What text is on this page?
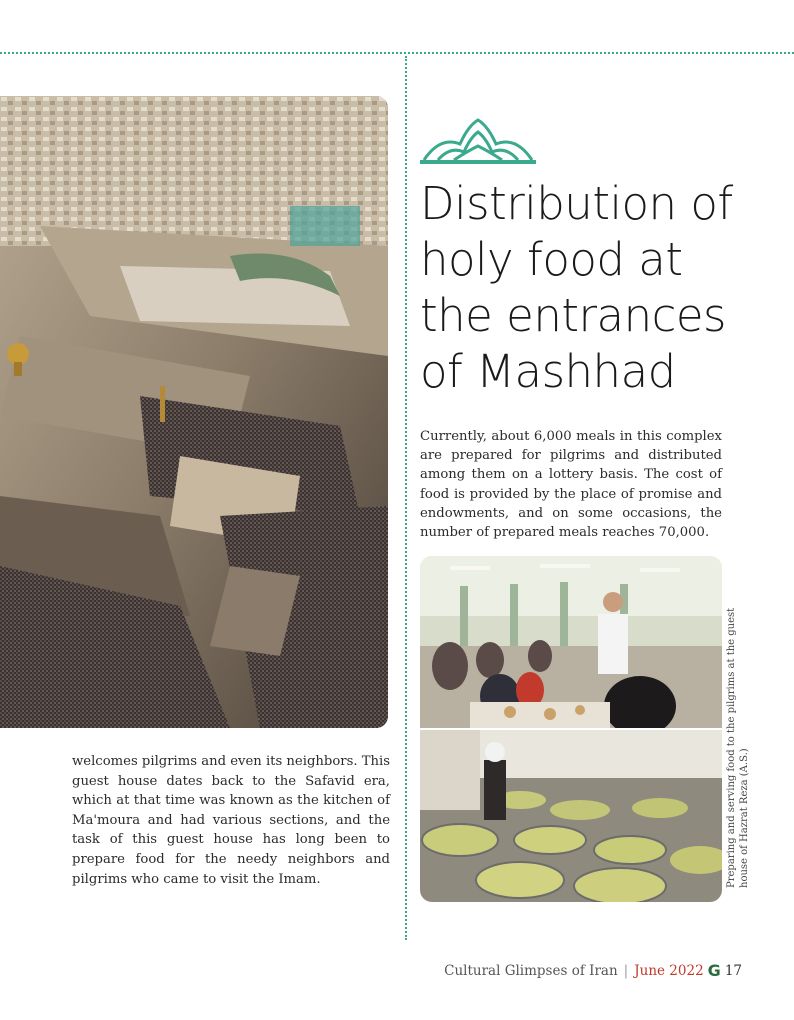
welcomes pilgrims and even its neighbors. This guest house dates back to the Safavid era, which at that time was known as the kitchen of Ma'moura and had various sections, and the task of this guest house has long been to prepare food for the needy neighbors and pilgrims who came to visit the Imam.
Distribution of holy food at the entrances of Mashhad
Currently, about 6,000 meals in this complex are prepared for pilgrims and distributed among them on a lottery basis. The cost of food is provided by the place of promise and endowments, and on some occasions, the number of prepared meals reaches 70,000.
Preparing and serving food to the pilgrims at the guest house of Hazrat Reza (A.S.)
Cultural Glimpses of Iran | June 2022 G 17
